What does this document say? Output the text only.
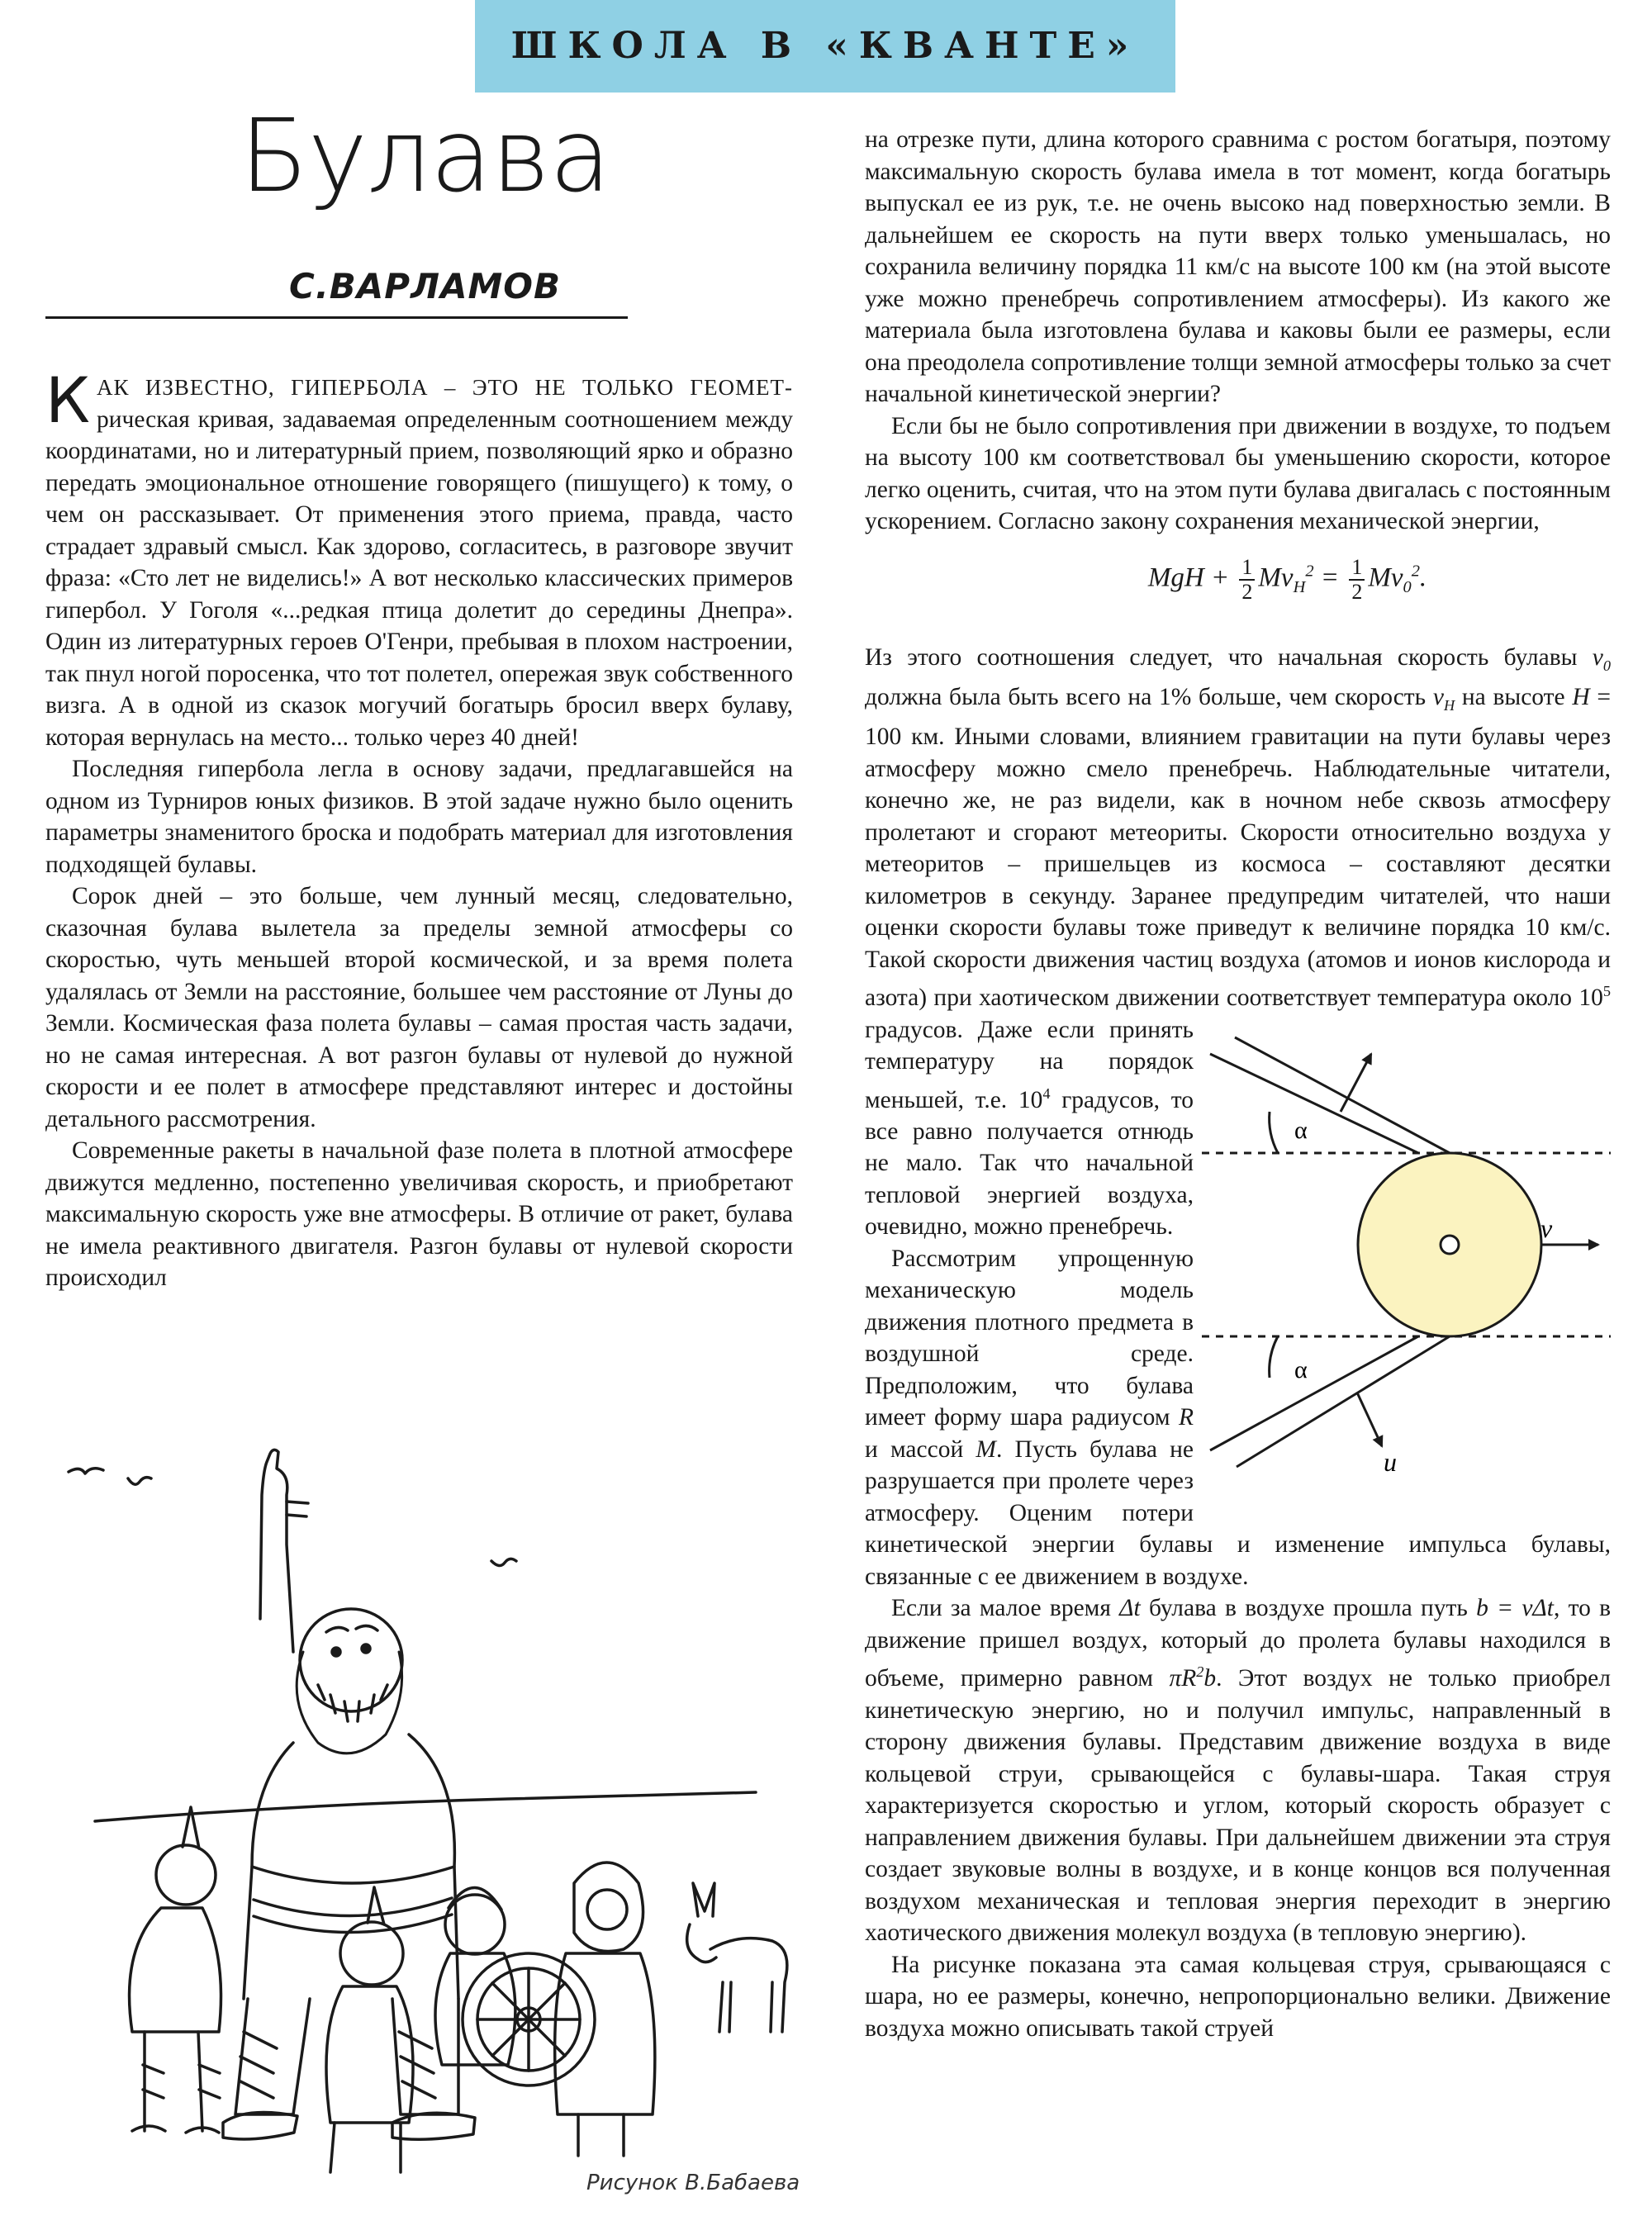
ШКОЛА В «КВАНТЕ»
Булава
С.ВАРЛАМОВ

КАК ИЗВЕСТНО, ГИПЕРБОЛА – ЭТО НЕ ТОЛЬКО ГЕОМЕТ-рическая кривая, задаваемая определенным соотношением между координатами, но и литературный прием, позволяющий ярко и образно передать эмоциональное отношение говорящего (пишущего) к тому, о чем он рассказывает. От применения этого приема, правда, часто страдает здравый смысл. Как здорово, согласитесь, в разговоре звучит фраза: «Сто лет не виделись!» А вот несколько классических примеров гипербол. У Гоголя «...редкая птица долетит до середины Днепра». Один из литературных героев О'Генри, пребывая в плохом настроении, так пнул ногой поросенка, что тот полетел, опережая звук собственного визга. А в одной из сказок могучий богатырь бросил вверх булаву, которая вернулась на место... только через 40 дней!

Последняя гипербола легла в основу задачи, предлагавшейся на одном из Турниров юных физиков. В этой задаче нужно было оценить параметры знаменитого броска и подобрать материал для изготовления подходящей булавы.

Сорок дней – это больше, чем лунный месяц, следовательно, сказочная булава вылетела за пределы земной атмосферы со скоростью, чуть меньшей второй космической, и за время полета удалялась от Земли на расстояние, большее чем расстояние от Луны до Земли. Космическая фаза полета булавы – самая простая часть задачи, но не самая интересная. А вот разгон булавы от нулевой до нужной скорости и ее полет в атмосфере представляют интерес и достойны детального рассмотрения.

Современные ракеты в начальной фазе полета в плотной атмосфере движутся медленно, постепенно увеличивая скорость, и приобретают максимальную скорость уже вне атмосферы. В отличие от ракет, булава не имела реактивного двигателя. Разгон булавы от нулевой скорости происходил

Рисунок В.Бабаева

на отрезке пути, длина которого сравнима с ростом богатыря, поэтому максимальную скорость булава имела в тот момент, когда богатырь выпускал ее из рук, т.е. не очень высоко над поверхностью земли. В дальнейшем ее скорость на пути вверх только уменьшалась, но сохранила величину порядка 11 км/с на высоте 100 км (на этой высоте уже можно пренебречь сопротивлением атмосферы). Из какого же материала была изготовлена булава и каковы были ее размеры, если она преодолела сопротивление толщи земной атмосферы только за счет начальной кинетической энергии?

Если бы не было сопротивления при движении в воздухе, то подъем на высоту 100 км соответствовал бы уменьшению скорости, которое легко оценить, считая, что на этом пути булава двигалась с постоянным ускорением. Согласно закону сохранения механической энергии,

MgH + $\frac{1}{2} Mv_H^2 = \frac{1}{2} Mv_0^2$.

Из этого соотношения следует, что начальная скорость булавы $v_0$ должна была быть всего на 1% больше, чем скорость $v_H$ на высоте H = 100 км. Иными словами, влиянием гравитации на пути булавы через атмосферу можно смело пренебречь. Наблюдательные читатели, конечно же, не раз видели, как в ночном небе сквозь атмосферу пролетают и сгорают метеориты. Скорости относительно воздуха у метеоритов – пришельцев из космоса – составляют десятки километров в секунду. Заранее предупредим читателей, что наши оценки скорости булавы тоже приведут к величине порядка 10 км/с. Такой скорости движения частиц воздуха (атомов и ионов кислорода и азота) при хаотическом движении соответствует температура около
α
α
v
u
$10^5$ градусов. Даже если принять температуру на порядок меньшей, т.е. $10^4$ градусов, то все равно получается отнюдь не мало. Так что начальной тепловой энергией воздуха, очевидно, можно пренебречь.

Рассмотрим упрощенную механическую модель движения плотного предмета в воздушной среде. Предположим, что булава имеет форму шара радиусом R и массой M. Пусть булава не разрушается при пролете через атмосферу. Оценим потери кинетической энергии булавы и изменение импульса булавы, связанные с ее движением в воздухе.

Если за малое время Δt булава в воздухе прошла путь b = vΔt, то в движение пришел воздух, который до пролета булавы находился в объеме, примерно равном $\pi R^2b$. Этот воздух не только приобрел кинетическую энергию, но и получил импульс, направленный в сторону движения булавы. Представим движение воздуха в виде кольцевой струи, срывающейся с булавы-шара. Такая струя характеризуется скоростью и углом, который скорость образует с направлением движения булавы. При дальнейшем движении эта струя создает звуковые волны в воздухе, и в конце концов вся полученная воздухом механическая и тепловая энергия переходит в энергию хаотического движения молекул воздуха (в тепловую энергию).

На рисунке показана эта самая кольцевая струя, срывающаяся с шара, но ее размеры, конечно, непропорционально велики. Движение воздуха можно описывать такой струей
